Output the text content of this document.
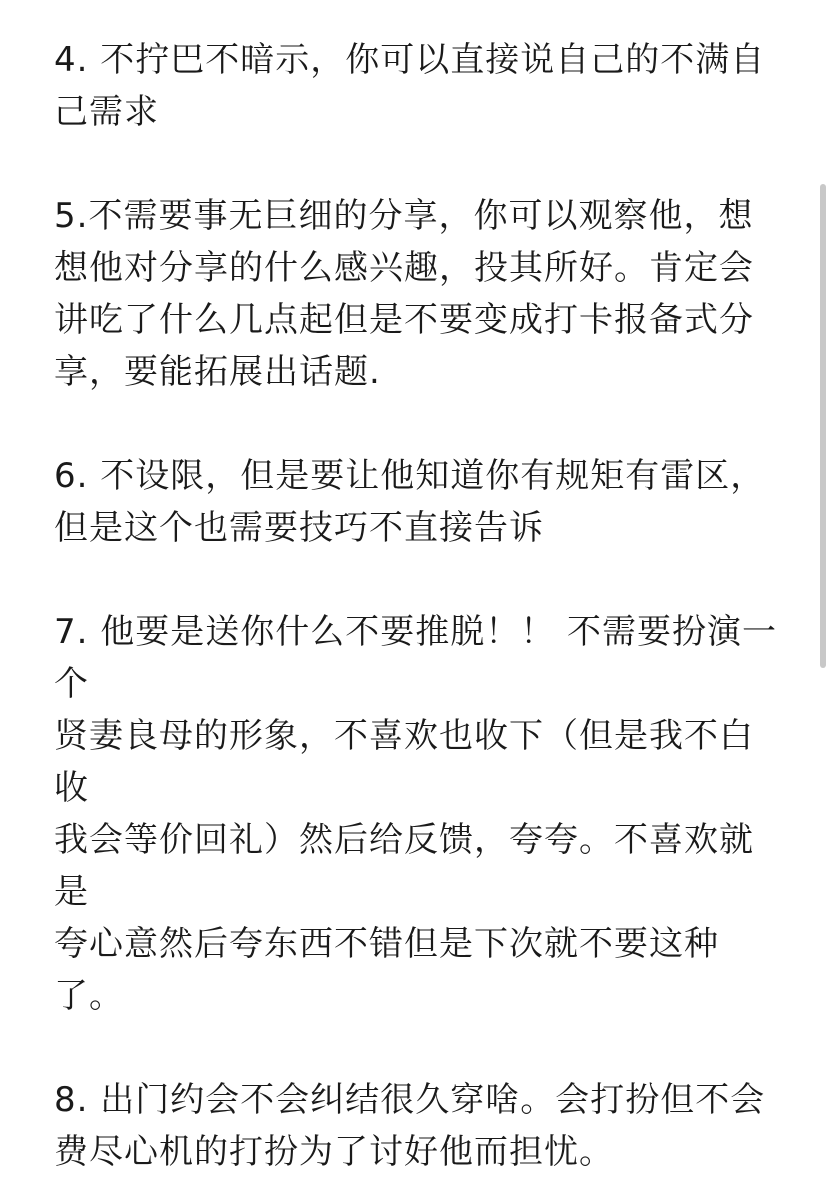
4. 不拧巴不暗示，你可以直接说自己的不满自
己需求

5.不需要事无巨细的分享，你可以观察他，想
想他对分享的什么感兴趣，投其所好。肯定会
讲吃了什么几点起但是不要变成打卡报备式分
享，要能拓展出话题.

6. 不设限，但是要让他知道你有规矩有雷区，
但是这个也需要技巧不直接告诉

7. 他要是送你什么不要推脱！！ 不需要扮演一个
贤妻良母的形象，不喜欢也收下（但是我不白收
我会等价回礼）然后给反馈，夸夸。不喜欢就是
夸心意然后夸东西不错但是下次就不要这种
了。

8. 出门约会不会纠结很久穿啥。会打扮但不会
费尽心机的打扮为了讨好他而担忧。
